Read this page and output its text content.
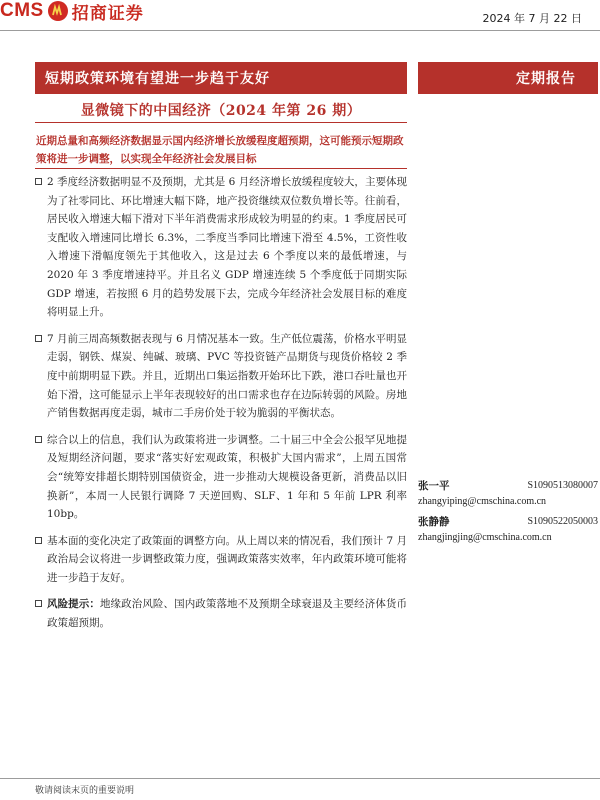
CMS 招商证券	2024 年 7 月 22 日
短期政策环境有望进一步趋于友好	定期报告
显微镜下的中国经济（2024 年第 26 期）
近期总量和高频经济数据显示国内经济增长放缓程度超预期，这可能预示短期政策将进一步调整，以实现全年经济社会发展目标
2 季度经济数据明显不及预期，尤其是 6 月经济增长放缓程度较大，主要体现为了社零同比、环比增速大幅下降，地产投资继续双位数负增长等。往前看，居民收入增速大幅下滑对下半年消费需求形成较为明显的约束。1 季度居民可支配收入增速同比增长 6.3%，二季度当季同比增速下滑至 4.5%，工资性收入增速下滑幅度领先于其他收入，这是过去 6 个季度以来的最低增速，与 2020 年 3 季度增速持平。并且名义 GDP 增速连续 5 个季度低于同期实际 GDP 增速，若按照 6 月的趋势发展下去，完成今年经济社会发展目标的难度将明显上升。
7 月前三周高频数据表现与 6 月情况基本一致。生产低位震荡，价格水平明显走弱，钢铁、煤炭、纯碱、玻璃、PVC 等投资链产品期货与现货价格较 2 季度中前期明显下跌。并且，近期出口集运指数开始环比下跌，港口吞吐量也开始下滑，这可能显示上半年表现较好的出口需求也存在边际转弱的风险。房地产销售数据再度走弱，城市二手房价处于较为脆弱的平衡状态。
综合以上的信息，我们认为政策将进一步调整。二十届三中全会公报罕见地提及短期经济问题，要求“落实好宏观政策，积极扩大国内需求”，上周五国常会“统筹安排超长期特别国债资金，进一步推动大规模设备更新，消费品以旧换新”，本周一人民银行调降 7 天逆回购、SLF、1 年和 5 年前 LPR 利率 10bp。
基本面的变化决定了政策面的调整方向。从上周以来的情况看，我们预计 7 月政治局会议将进一步调整政策力度，强调政策落实效率，年内政策环境可能将进一步趋于友好。
风险提示：地缘政治风险、国内政策落地不及预期全球衰退及主要经济体货币政策超预期。
张一平	S1090513080007
zhangyiping@cmschina.com.cn
张静静	S1090522050003
zhangjingjing@cmschina.com.cn
敬请阅读末页的重要说明
